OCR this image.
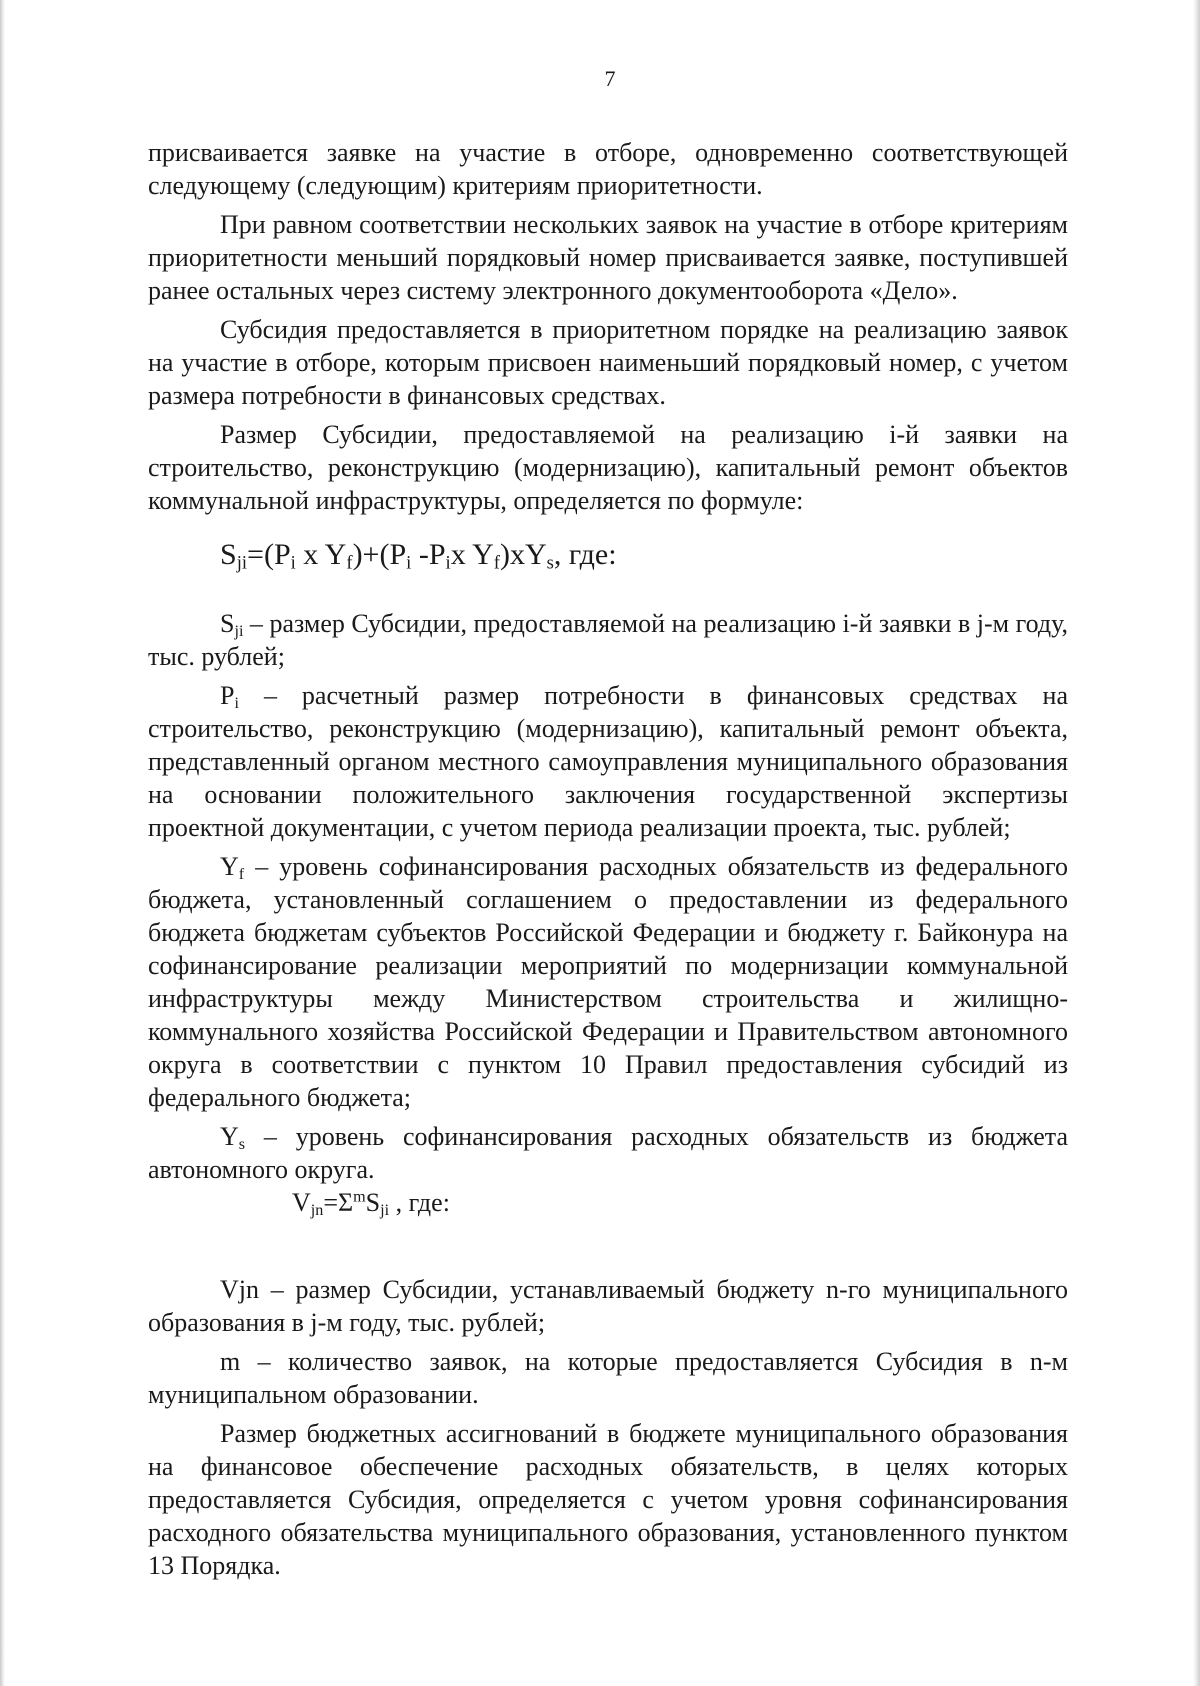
7

присваивается заявке на участие в отборе, одновременно соответствующей следующему (следующим) критериям приоритетности.

При равном соответствии нескольких заявок на участие в отборе критериям приоритетности меньший порядковый номер присваивается заявке, поступившей ранее остальных через систему электронного документооборота «Дело».

Субсидия предоставляется в приоритетном порядке на реализацию заявок на участие в отборе, которым присвоен наименьший порядковый номер, с учетом размера потребности в финансовых средствах.

Размер Субсидии, предоставляемой на реализацию i-й заявки на строительство, реконструкцию (модернизацию), капитальный ремонт объектов коммунальной инфраструктуры, определяется по формуле:

$S_{ji}=(P_i$ x $Y_f)+(P_i$ $-P_ix$ $Y_f)xY_s$, где:

$S_{ji}$ – размер Субсидии, предоставляемой на реализацию i-й заявки в j-м году, тыс. рублей;

$P_i$ – расчетный размер потребности в финансовых средствах на строительство, реконструкцию (модернизацию), капитальный ремонт объекта, представленный органом местного самоуправления муниципального образования на основании положительного заключения государственной экспертизы проектной документации, с учетом периода реализации проекта, тыс. рублей;

$Y_f$ – уровень софинансирования расходных обязательств из федерального бюджета, установленный соглашением о предоставлении из федерального бюджета бюджетам субъектов Российской Федерации и бюджету г. Байконура на софинансирование реализации мероприятий по модернизации коммунальной инфраструктуры между Министерством строительства и жилищно-коммунального хозяйства Российской Федерации и Правительством автономного округа в соответствии с пунктом 10 Правил предоставления субсидий из федерального бюджета;

$Y_s$ – уровень софинансирования расходных обязательств из бюджета автономного округа.

$V_{jn}=\Sigma^mS_{ji}$ , где:

Vjn – размер Субсидии, устанавливаемый бюджету n-го муниципального образования в j-м году, тыс. рублей;

m – количество заявок, на которые предоставляется Субсидия в n-м муниципальном образовании.

Размер бюджетных ассигнований в бюджете муниципального образования на финансовое обеспечение расходных обязательств, в целях которых предоставляется Субсидия, определяется с учетом уровня софинансирования расходного обязательства муниципального образования, установленного пунктом 13 Порядка.
